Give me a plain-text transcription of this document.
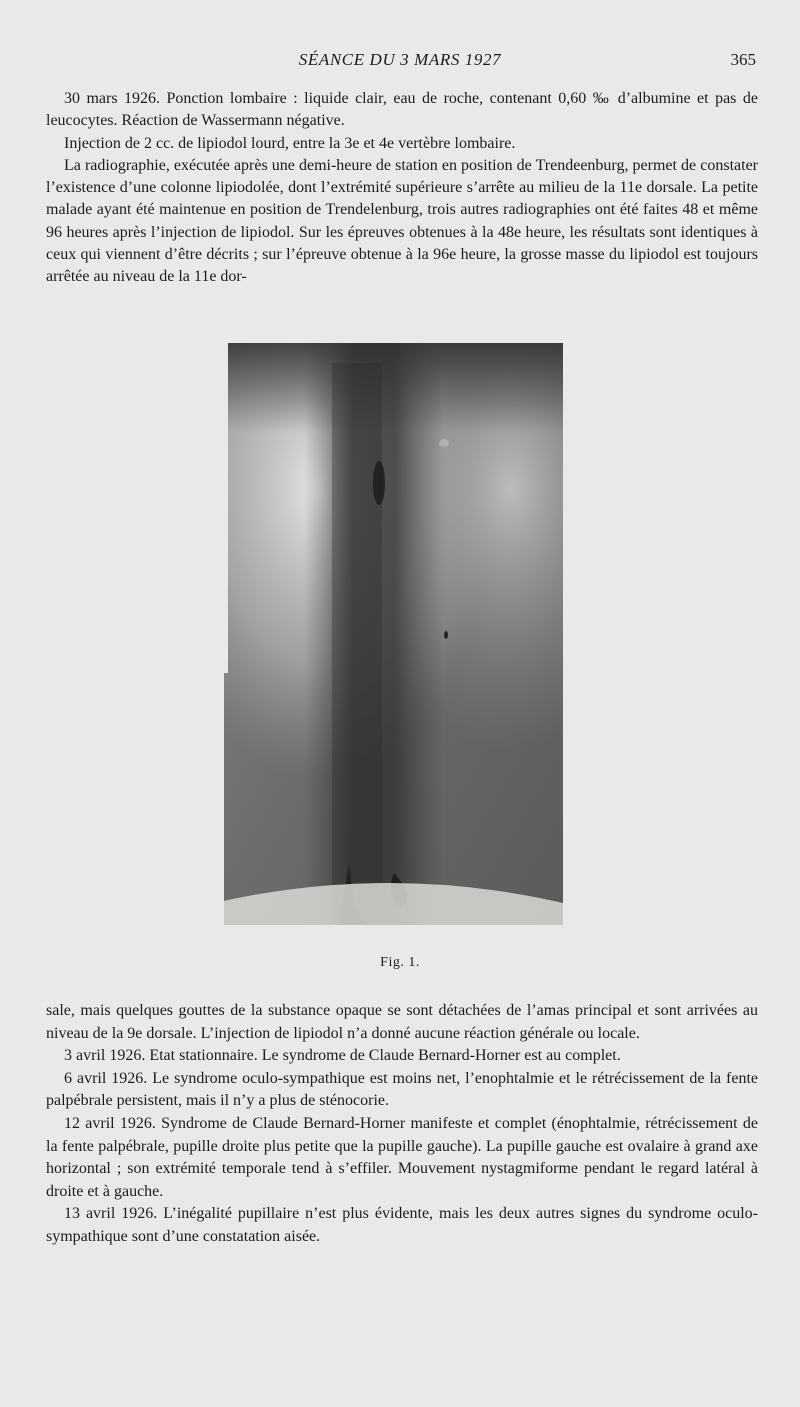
SÉANCE DU 3 MARS 1927	365

30 mars 1926. Ponction lombaire : liquide clair, eau de roche, contenant 0,60 ‰ d’albumine et pas de leucocytes. Réaction de Wassermann négative.

Injection de 2 cc. de lipiodol lourd, entre la 3e et 4e vertèbre lombaire.

La radiographie, exécutée après une demi-heure de station en position de Trendeenburg, permet de constater l’existence d’une colonne lipiodolée, dont l’extrémité supérieure s’arrête au milieu de la 11e dorsale. La petite malade ayant été maintenue en position de Trendelenburg, trois autres radiographies ont été faites 48 et même 96 heures après l’injection de lipiodol. Sur les épreuves obtenues à la 48e heure, les résultats sont identiques à ceux qui viennent d’être décrits ; sur l’épreuve obtenue à la 96e heure, la grosse masse du lipiodol est toujours arrêtée au niveau de la 11e dor-

Fig. 1.

sale, mais quelques gouttes de la substance opaque se sont détachées de l’amas principal et sont arrivées au niveau de la 9e dorsale. L’injection de lipiodol n’a donné aucune réaction générale ou locale.

3 avril 1926. Etat stationnaire. Le syndrome de Claude Bernard-Horner est au complet.

6 avril 1926. Le syndrome oculo-sympathique est moins net, l’enophtalmie et le rétrécissement de la fente palpébrale persistent, mais il n’y a plus de sténocorie.

12 avril 1926. Syndrome de Claude Bernard-Horner manifeste et complet (énophtalmie, rétrécissement de la fente palpébrale, pupille droite plus petite que la pupille gauche). La pupille gauche est ovalaire à grand axe horizontal ; son extrémité temporale tend à s’effiler. Mouvement nystagmiforme pendant le regard latéral à droite et à gauche.

13 avril 1926. L’inégalité pupillaire n’est plus évidente, mais les deux autres signes du syndrome oculo-sympathique sont d’une constatation aisée.
